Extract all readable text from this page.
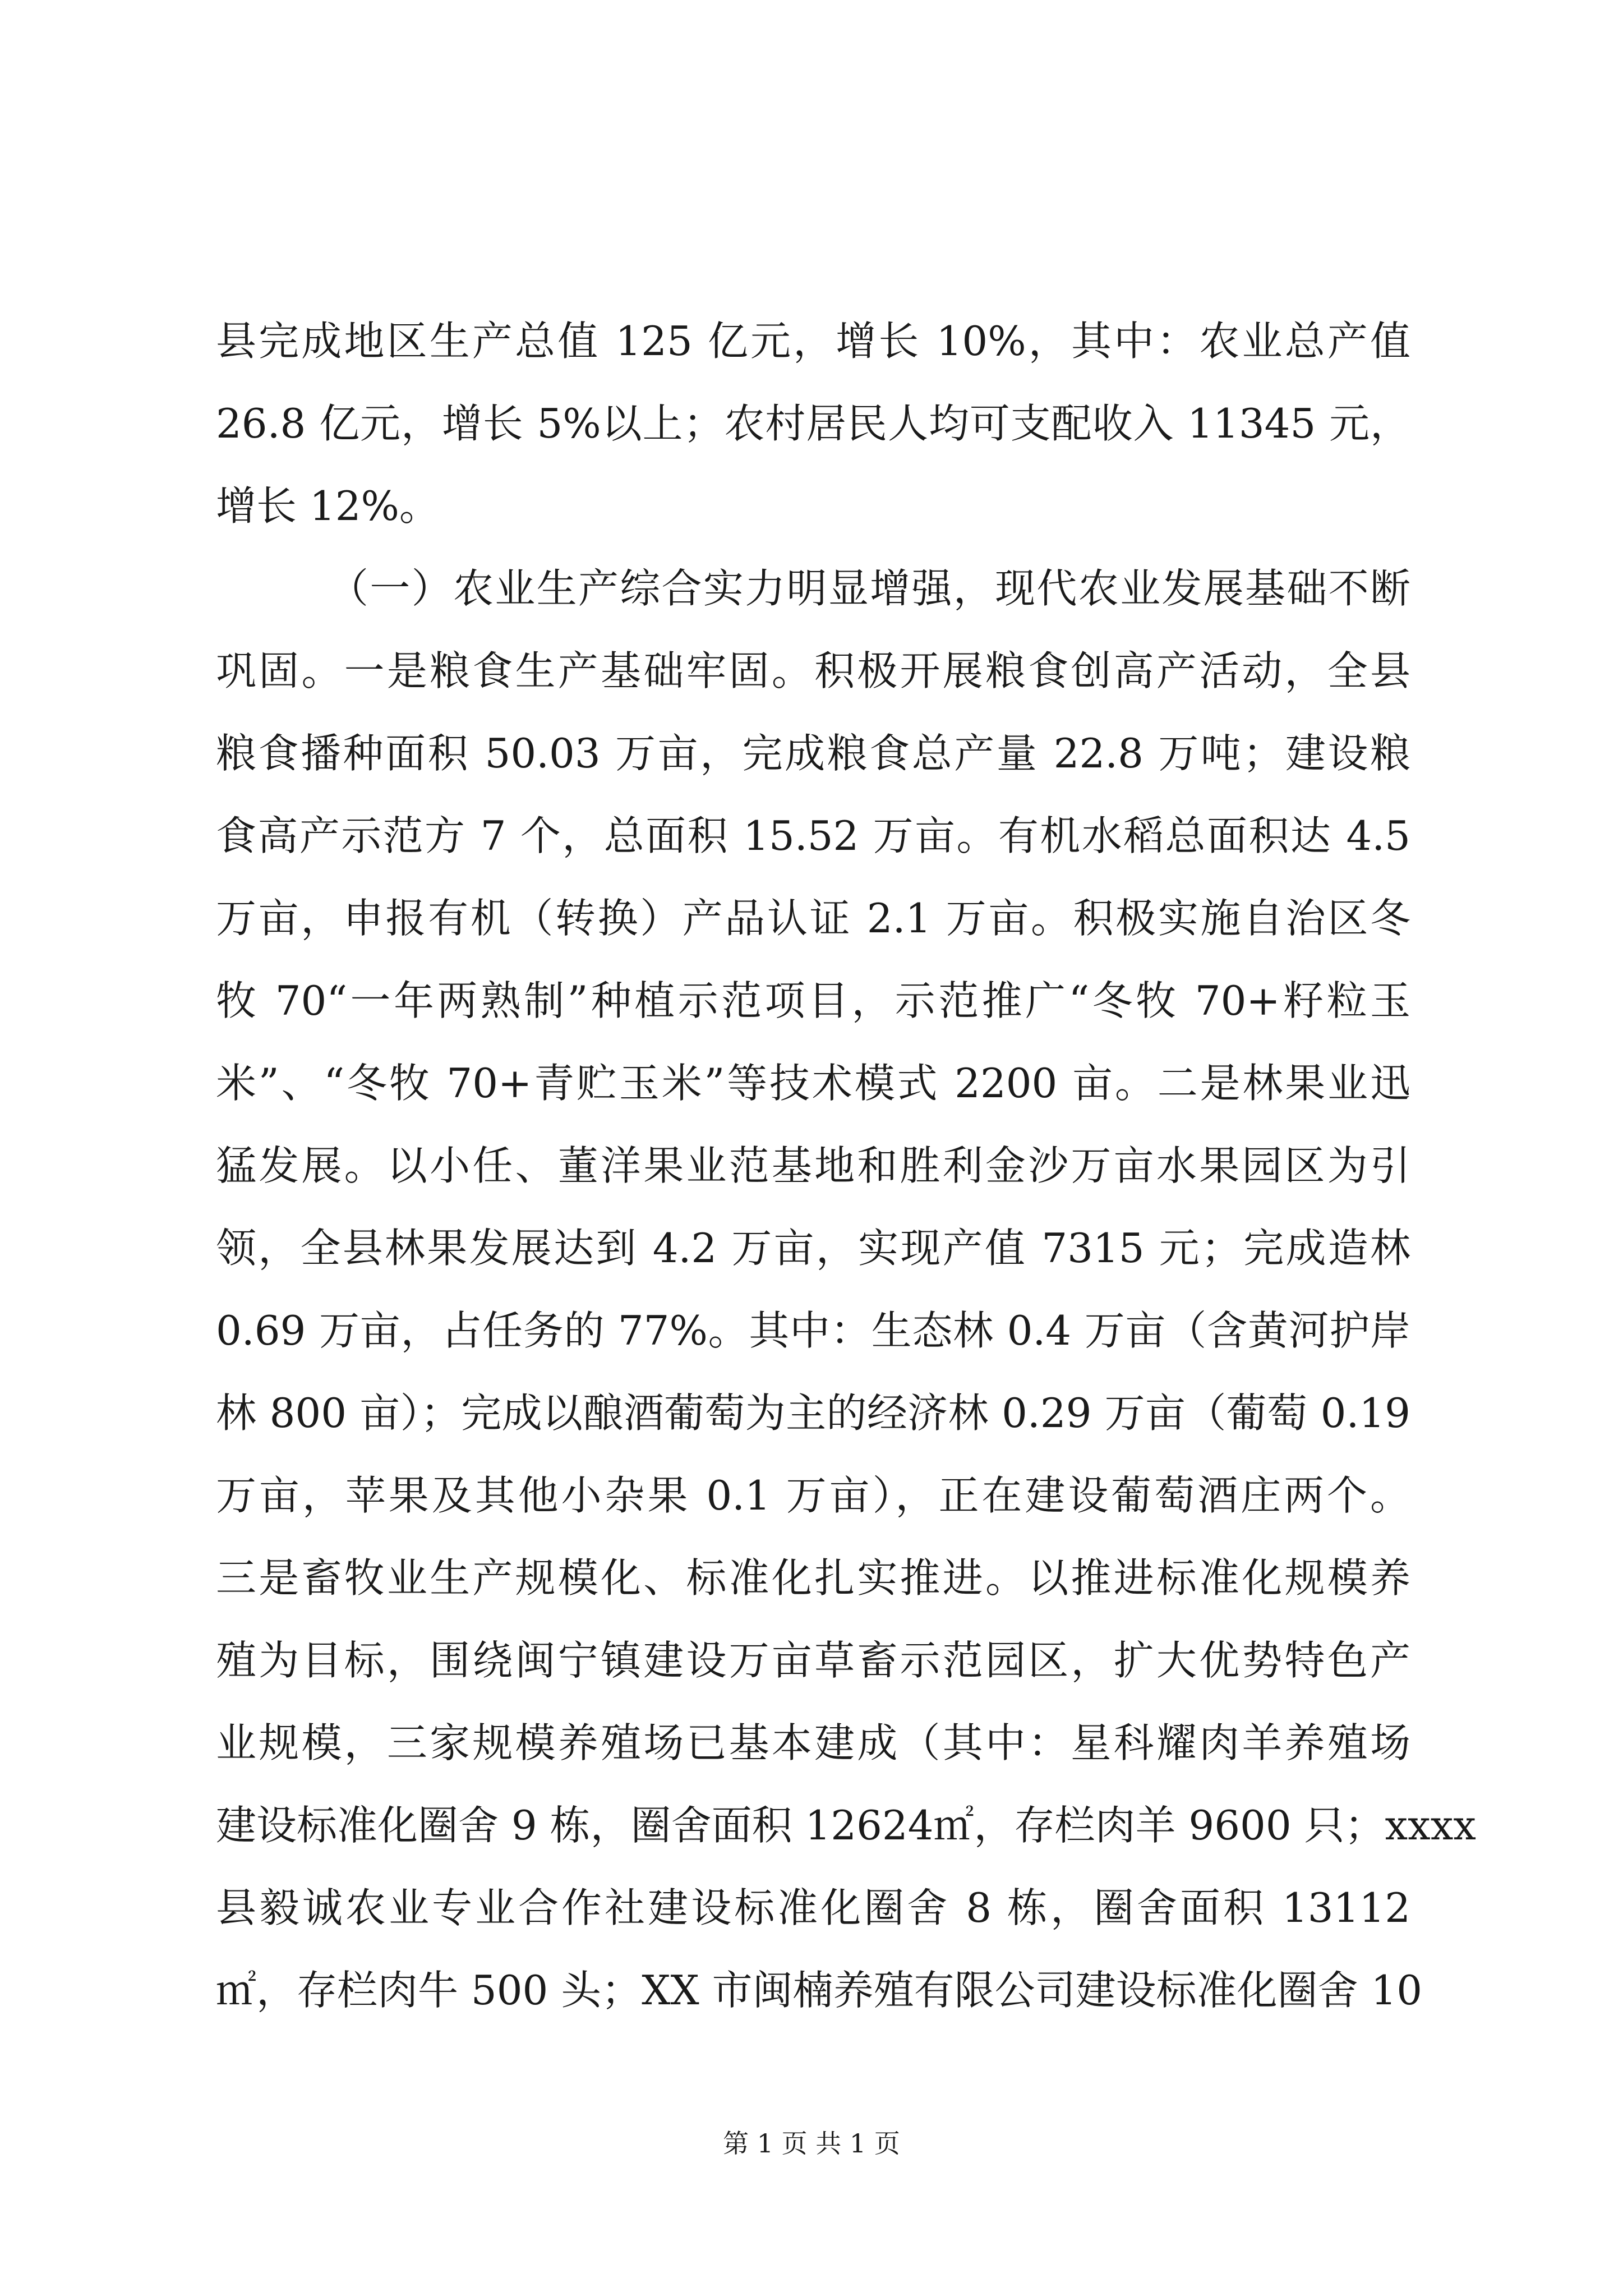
县完成地区生产总值 125 亿元，增长 10%，其中：农业总产值
26.8 亿元，增长 5%以上；农村居民人均可支配收入 11345 元，
增长 12%。
（一）农业生产综合实力明显增强，现代农业发展基础不断
巩固。一是粮食生产基础牢固。积极开展粮食创高产活动，全县
粮食播种面积 50.03 万亩，完成粮食总产量 22.8 万吨；建设粮
食高产示范方 7 个，总面积 15.52 万亩。有机水稻总面积达 4.5
万亩，申报有机（转换）产品认证 2.1 万亩。积极实施自治区冬
牧 70“一年两熟制”种植示范项目，示范推广“冬牧 70+籽粒玉
米”、“冬牧 70+青贮玉米”等技术模式 2200 亩。二是林果业迅
猛发展。以小任、董洋果业范基地和胜利金沙万亩水果园区为引
领，全县林果发展达到 4.2 万亩，实现产值 7315 元；完成造林
0.69 万亩，占任务的 77%。其中：生态林 0.4 万亩（含黄河护岸
林 800 亩）；完成以酿酒葡萄为主的经济林 0.29 万亩（葡萄 0.19
万亩，苹果及其他小杂果 0.1 万亩），正在建设葡萄酒庄两个。
三是畜牧业生产规模化、标准化扎实推进。以推进标准化规模养
殖为目标，围绕闽宁镇建设万亩草畜示范园区，扩大优势特色产
业规模，三家规模养殖场已基本建成（其中：星科耀肉羊养殖场
建设标准化圈舍 9 栋，圈舍面积 12624㎡，存栏肉羊 9600 只；xxxx
县毅诚农业专业合作社建设标准化圈舍 8 栋，圈舍面积 13112
㎡，存栏肉牛 500 头；XX 市闽楠养殖有限公司建设标准化圈舍 10
第 1 页 共 1 页
